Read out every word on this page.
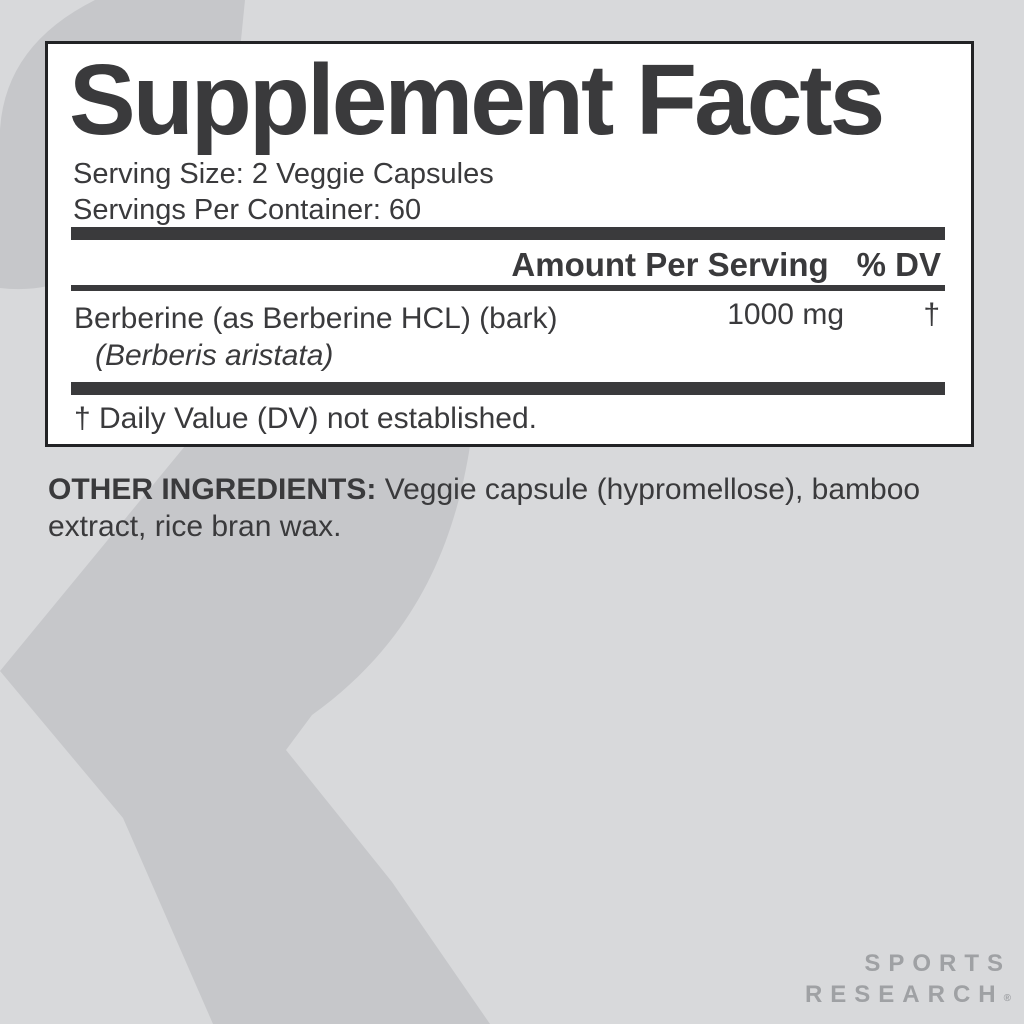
Supplement Facts
Serving Size: 2 Veggie Capsules
Servings Per Container: 60
Amount Per Serving % DV
Berberine (as Berberine HCL) (bark)
(Berberis aristata)
1000 mg	†
† Daily Value (DV) not established.
OTHER INGREDIENTS: Veggie capsule (hypromellose), bamboo extract, rice bran wax.
SPORTS
RESEARCH®
